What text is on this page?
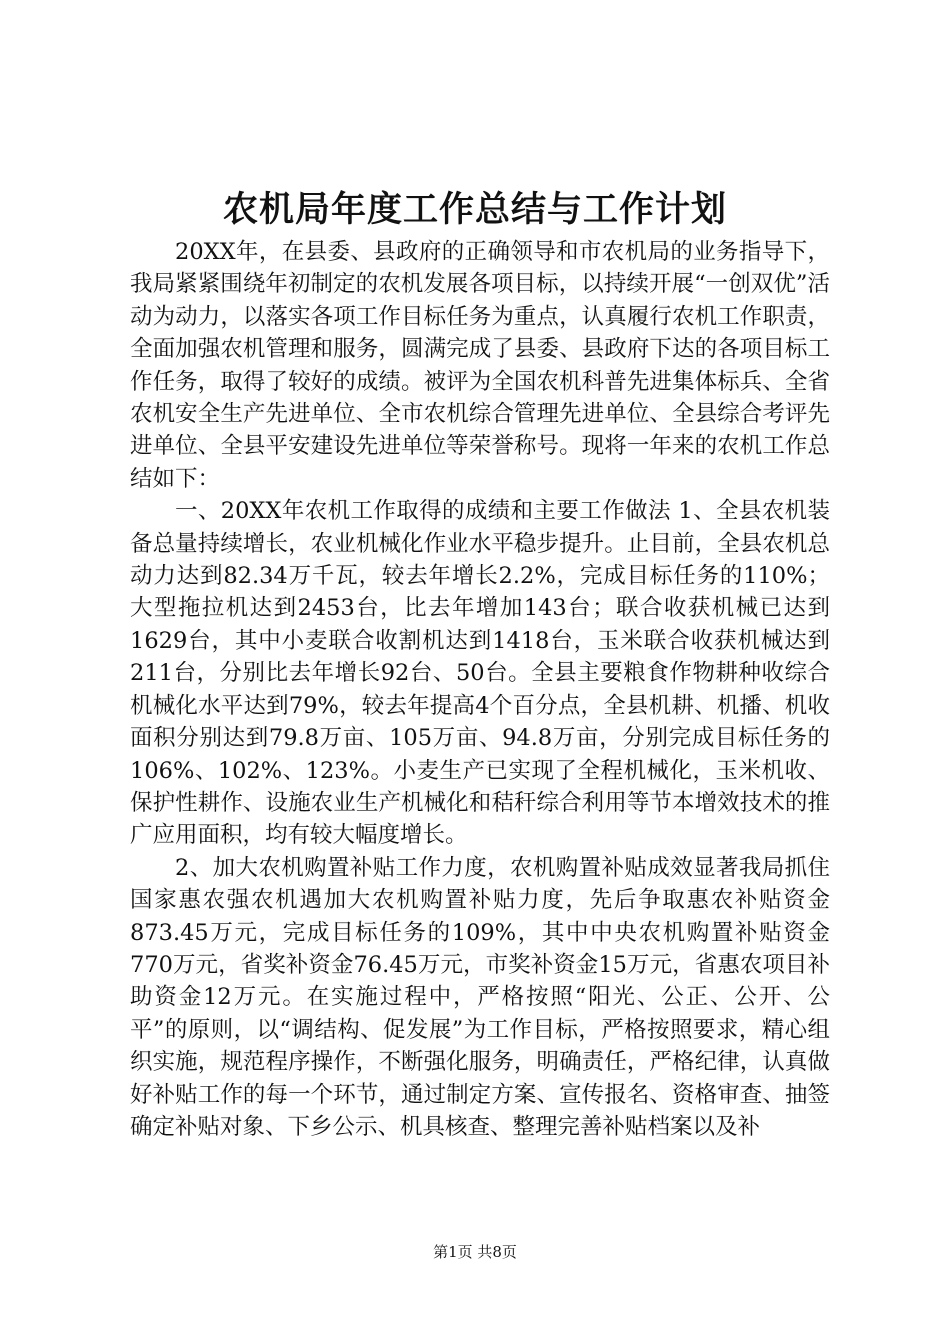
农机局年度工作总结与工作计划

20XX年，在县委、县政府的正确领导和市农机局的业务指导下，我局紧紧围绕年初制定的农机发展各项目标，以持续开展“一创双优”活动为动力，以落实各项工作目标任务为重点，认真履行农机工作职责，全面加强农机管理和服务，圆满完成了县委、县政府下达的各项目标工作任务，取得了较好的成绩。被评为全国农机科普先进集体标兵、全省农机安全生产先进单位、全市农机综合管理先进单位、全县综合考评先进单位、全县平安建设先进单位等荣誉称号。现将一年来的农机工作总结如下：

一、20XX年农机工作取得的成绩和主要工作做法 1、全县农机装备总量持续增长，农业机械化作业水平稳步提升。止目前，全县农机总动力达到82.34万千瓦，较去年增长2.2%，完成目标任务的110%；大型拖拉机达到2453台，比去年增加143台；联合收获机械已达到1629台，其中小麦联合收割机达到1418台，玉米联合收获机械达到211台，分别比去年增长92台、50台。全县主要粮食作物耕种收综合机械化水平达到79%，较去年提高4个百分点，全县机耕、机播、机收面积分别达到79.8万亩、105万亩、94.8万亩，分别完成目标任务的106%、102%、123%。小麦生产已实现了全程机械化，玉米机收、保护性耕作、设施农业生产机械化和秸秆综合利用等节本增效技术的推广应用面积，均有较大幅度增长。

2、加大农机购置补贴工作力度，农机购置补贴成效显著我局抓住国家惠农强农机遇加大农机购置补贴力度，先后争取惠农补贴资金873.45万元，完成目标任务的109%，其中中央农机购置补贴资金770万元，省奖补资金76.45万元，市奖补资金15万元，省惠农项目补助资金12万元。在实施过程中，严格按照“阳光、公正、公开、公平”的原则，以“调结构、促发展”为工作目标，严格按照要求，精心组织实施，规范程序操作，不断强化服务，明确责任，严格纪律，认真做好补贴工作的每一个环节，通过制定方案、宣传报名、资格审查、抽签确定补贴对象、下乡公示、机具核查、整理完善补贴档案以及补

第1页 共8页
